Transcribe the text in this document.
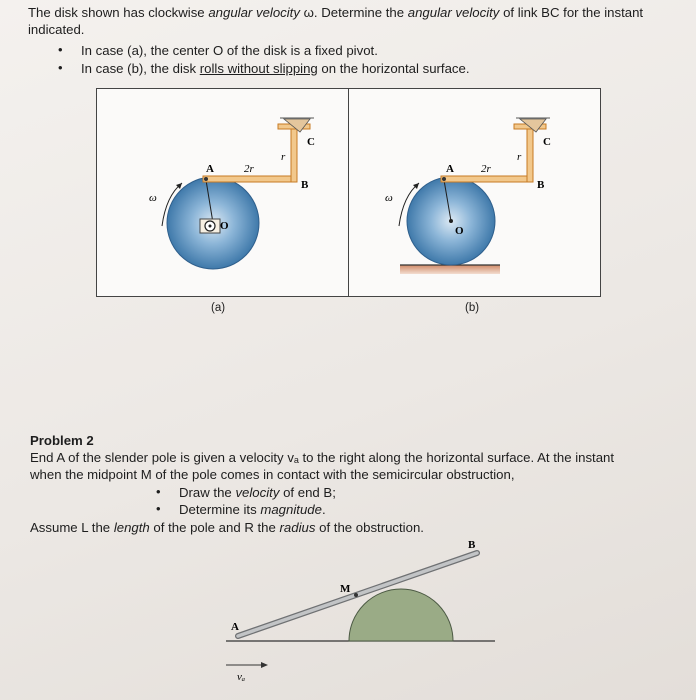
The disk shown has clockwise angular velocity ω. Determine the angular velocity of link BC for the instant
indicated.
• In case (a), the center O of the disk is a fixed pivot.
• In case (b), the disk rolls without slipping on the horizontal surface.
A	2r
r
B
C
O
ω
A 2r
r
B
C
O
ω
(a)	(b)
Problem 2
End A of the slender pole is given a velocity vₐ to the right along the horizontal surface. At the instant
when the midpoint M of the pole comes in contact with the semicircular obstruction,
• Draw the velocity of end B;
• Determine its magnitude.
Assume L the length of the pole and R the radius of the obstruction.
A
M
B
vₐ
